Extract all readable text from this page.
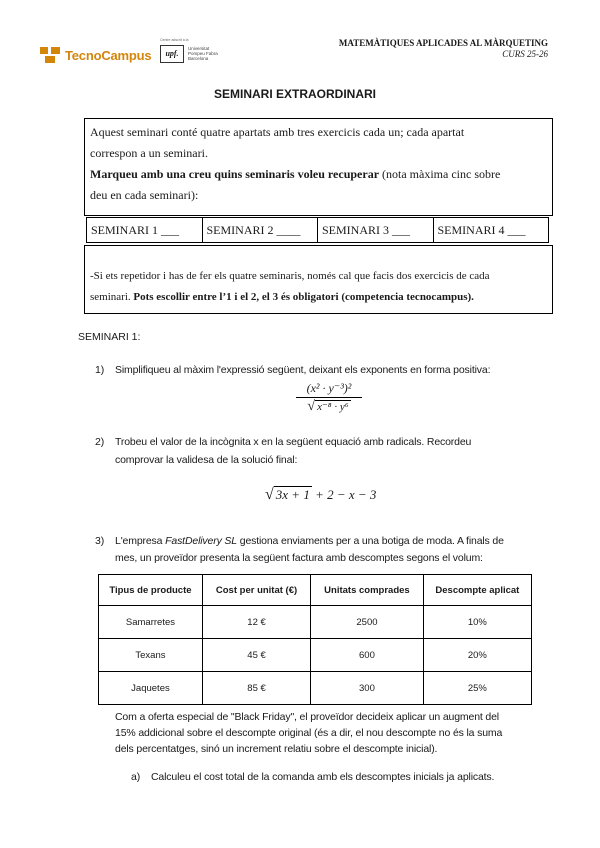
TecnoCampus
Centre adscrit a la
upf.
Universitat
Pompeu Fabra
Barcelona
MATEMÀTIQUES APLICADES AL MÀRQUETING
CURS 25-26
SEMINARI EXTRAORDINARI
Aquest seminari conté quatre apartats amb tres exercicis cada un; cada apartat
correspon a un seminari.
Marqueu amb una creu quins seminaris voleu recuperar (nota màxima cinc sobre
deu en cada seminari):
SEMINARI 1 ___	SEMINARI 2 ____	SEMINARI 3 ___	SEMINARI 4 ___
-Si ets repetidor i has de fer els quatre seminaris, només cal que facis dos exercicis de cada
seminari. Pots escollir entre l’1 i el 2, el 3 és obligatori (competencia tecnocampus).
SEMINARI 1:
1) Simplifiqueu al màxim l'expressió següent, deixant els exponents en forma positiva:
(x² · y⁻³)²
√ x⁻⁸ · y⁶
2) Trobeu el valor de la incògnita x en la següent equació amb radicals. Recordeu
comprovar la validesa de la solució final:
√ 3x + 1 + 2 − x − 3
3) L'empresa FastDelivery SL gestiona enviaments per a una botiga de moda. A finals de
mes, un proveïdor presenta la següent factura amb descomptes segons el volum:
Tipus de producte	Cost per unitat (€)	Unitats comprades	Descompte aplicat
Samarretes	12 €	2500	10%
Texans	45 €	600	20%
Jaquetes	85 €	300	25%
Com a oferta especial de "Black Friday", el proveïdor decideix aplicar un augment del
15% addicional sobre el descompte original (és a dir, el nou descompte no és la suma
dels percentatges, sinó un increment relatiu sobre el descompte inicial).
a) Calculeu el cost total de la comanda amb els descomptes inicials ja aplicats.
